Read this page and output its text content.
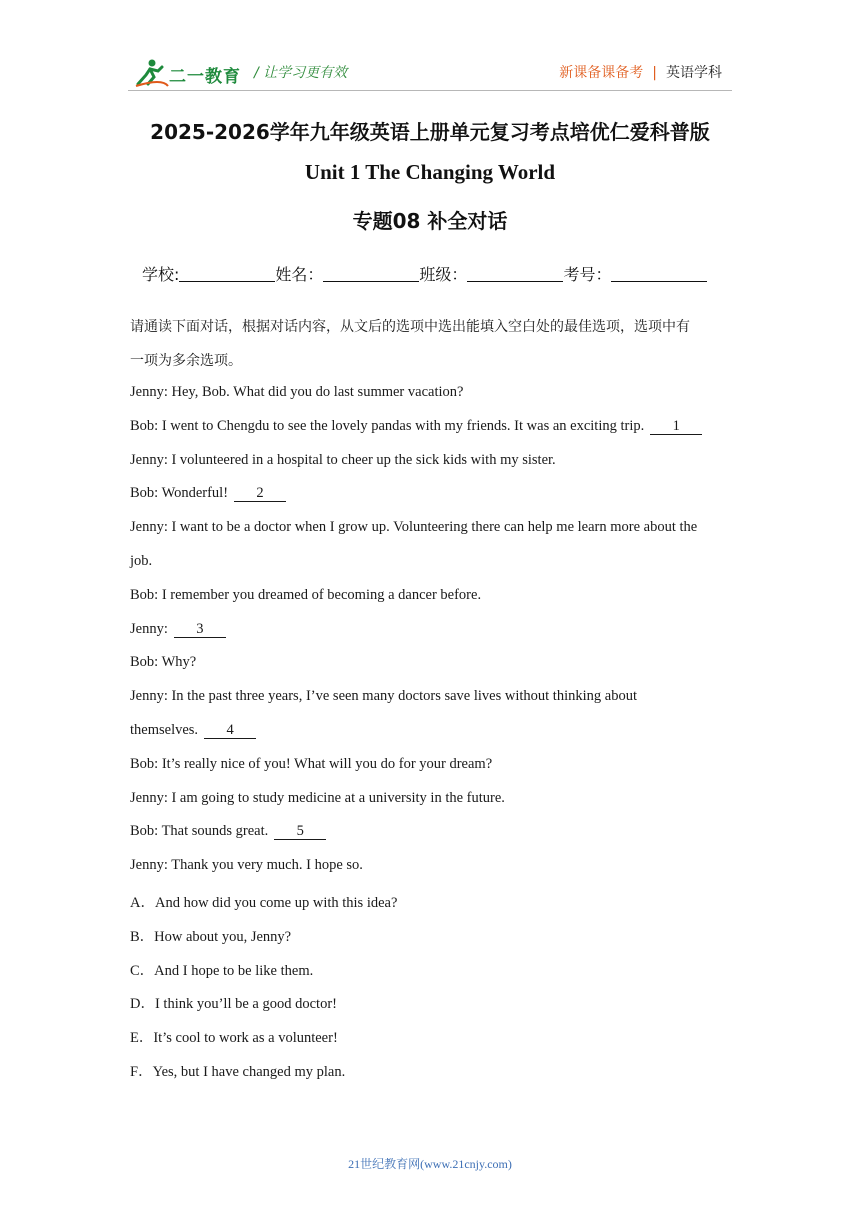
二一教育 / 让学习更有效	新课备课备考 | 英语学科
2025-2026学年九年级英语上册单元复习考点培优仁爱科普版
Unit 1 The Changing World
专题08 补全对话
学校:	姓名：	班级：	考号：
请通读下面对话，根据对话内容，从文后的选项中选出能填入空白处的最佳选项，选项中有
一项为多余选项。
Jenny: Hey, Bob. What did you do last summer vacation?
Bob: I went to Chengdu to see the lovely pandas with my friends. It was an exciting trip. 1
Jenny: I volunteered in a hospital to cheer up the sick kids with my sister.
Bob: Wonderful! 2
Jenny: I want to be a doctor when I grow up. Volunteering there can help me learn more about the
job.
Bob: I remember you dreamed of becoming a dancer before.
Jenny: 3
Bob: Why?
Jenny: In the past three years, I’ve seen many doctors save lives without thinking about
themselves. 4
Bob: It’s really nice of you! What will you do for your dream?
Jenny: I am going to study medicine at a university in the future.
Bob: That sounds great. 5
Jenny: Thank you very much. I hope so.
A．And how did you come up with this idea?
B．How about you, Jenny?
C．And I hope to be like them.
D．I think you’ll be a good doctor!
E．It’s cool to work as a volunteer!
F．Yes, but I have changed my plan.
21世纪教育网(www.21cnjy.com)
